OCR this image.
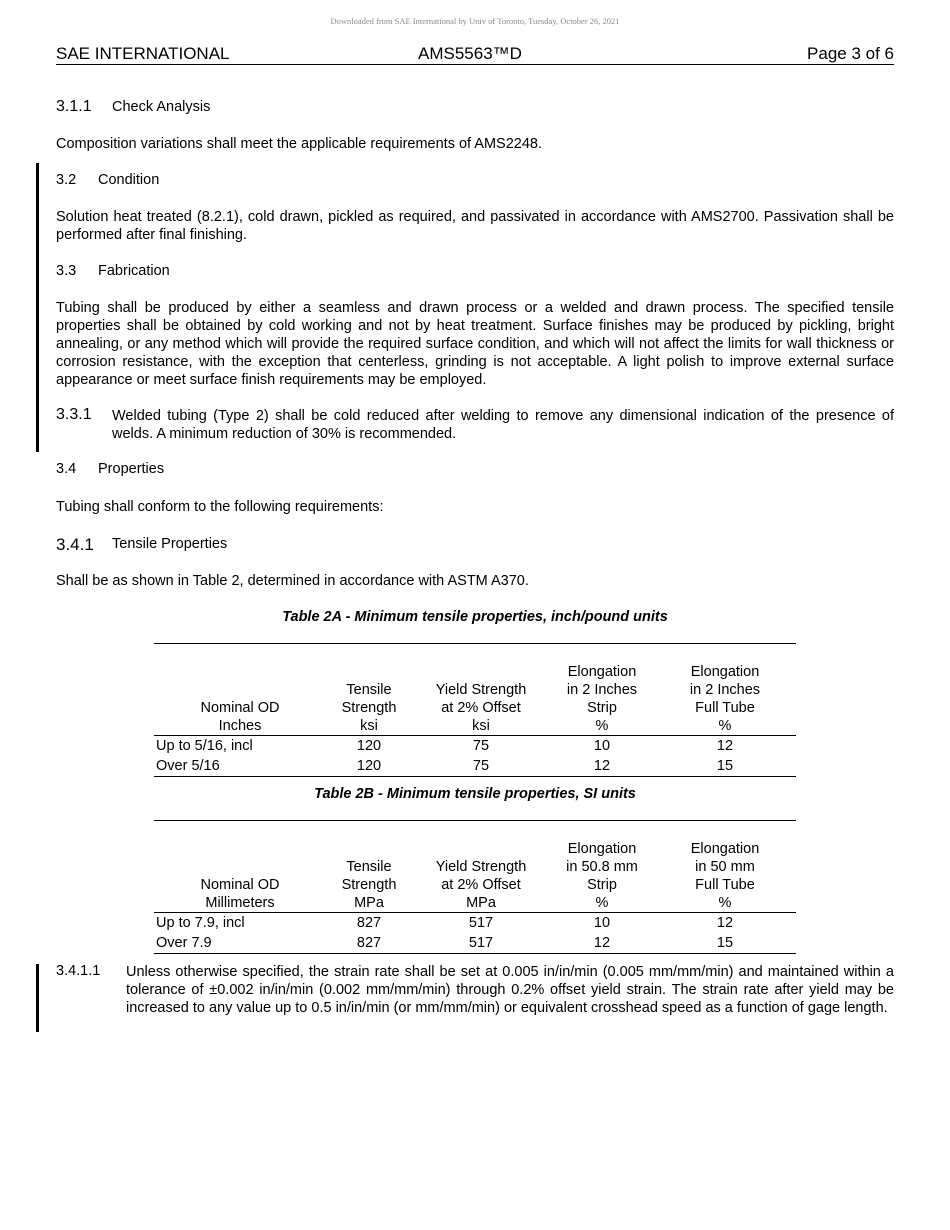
Downloaded from SAE International by Univ of Toronto, Tuesday, October 26, 2021
SAE INTERNATIONAL	AMS5563™D	Page 3 of 6
3.1.1 Check Analysis
Composition variations shall meet the applicable requirements of AMS2248.
3.2 Condition
Solution heat treated (8.2.1), cold drawn, pickled as required, and passivated in accordance with AMS2700. Passivation shall be performed after final finishing.
3.3 Fabrication
Tubing shall be produced by either a seamless and drawn process or a welded and drawn process. The specified tensile properties shall be obtained by cold working and not by heat treatment. Surface finishes may be produced by pickling, bright annealing, or any method which will provide the required surface condition, and which will not affect the limits for wall thickness or corrosion resistance, with the exception that centerless, grinding is not acceptable. A light polish to improve external surface appearance or meet surface finish requirements may be employed.
3.3.1 Welded tubing (Type 2) shall be cold reduced after welding to remove any dimensional indication of the presence of welds. A minimum reduction of 30% is recommended.
3.4 Properties
Tubing shall conform to the following requirements:
3.4.1 Tensile Properties
Shall be as shown in Table 2, determined in accordance with ASTM A370.
Table 2A - Minimum tensile properties, inch/pound units

Nominal OD
Inches	Tensile
Strength
ksi	Yield Strength
at 2% Offset
ksi	Elongation
in 2 Inches
Strip
%	Elongation
in 2 Inches
Full Tube
%

Up to 5/16, incl	120	75	10	12
Over 5/16	120	75	12	15
Table 2B - Minimum tensile properties, SI units

Nominal OD
Millimeters	Tensile
Strength
MPa	Yield Strength
at 2% Offset
MPa	Elongation
in 50.8 mm
Strip
%	Elongation
in 50 mm
Full Tube
%

Up to 7.9, incl	827	517	10	12
Over 7.9	827	517	12	15
3.4.1.1 Unless otherwise specified, the strain rate shall be set at 0.005 in/in/min (0.005 mm/mm/min) and maintained within a tolerance of ±0.002 in/in/min (0.002 mm/mm/min) through 0.2% offset yield strain. The strain rate after yield may be increased to any value up to 0.5 in/in/min (or mm/mm/min) or equivalent crosshead speed as a function of gage length.
